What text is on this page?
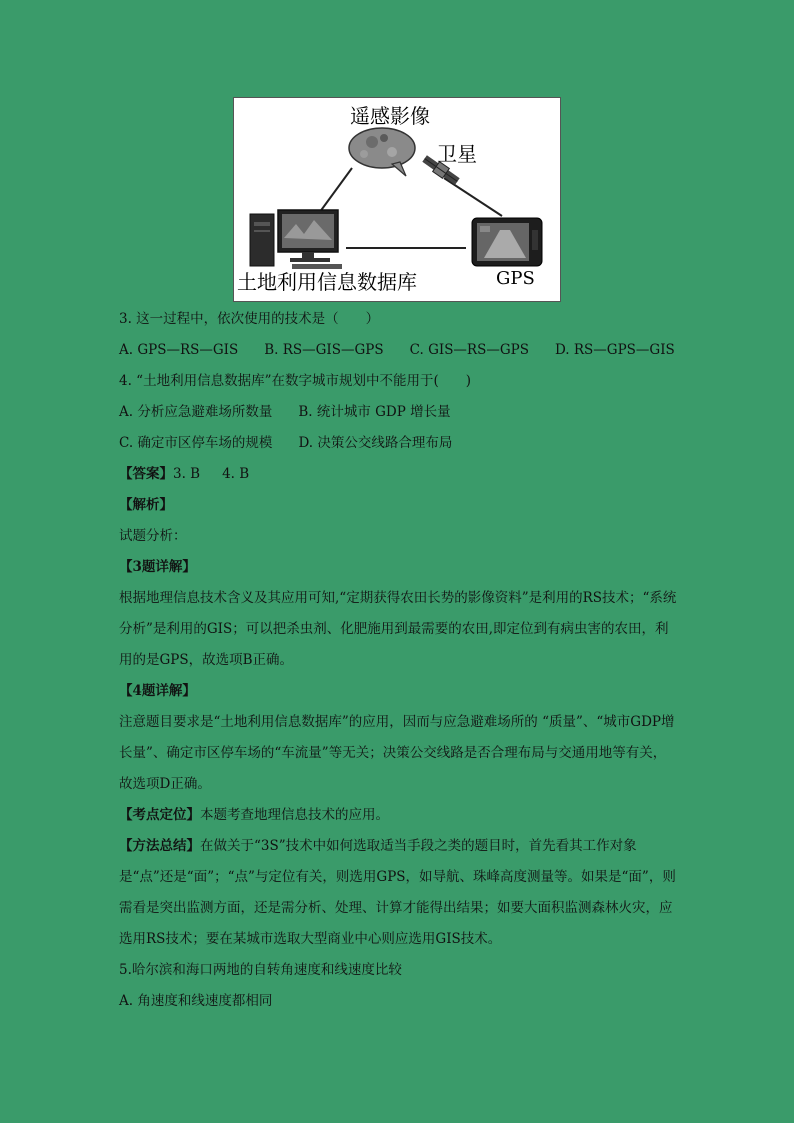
遥感影像
卫星
土地利用信息数据库	GPS
3. 这一过程中，依次使用的技术是（　　）
A. GPS—RS—GIS B. RS—GIS—GPS C. GIS—RS—GPS D. RS—GPS—GIS
4. “土地利用信息数据库”在数字城市规划中不能用于(　　)
A. 分析应急避难场所数量 B. 统计城市 GDP 增长量
C. 确定市区停车场的规模 D. 决策公交线路合理布局
【答案】3. B 4. B
【解析】
试题分析：
【3题详解】
根据地理信息技术含义及其应用可知,“定期获得农田长势的影像资料”是利用的RS技术；“系统分析”是利用的GIS；可以把杀虫剂、化肥施用到最需要的农田,即定位到有病虫害的农田，利用的是GPS，故选项B正确。
【4题详解】
注意题目要求是“土地利用信息数据库”的应用，因而与应急避难场所的 “质量”、“城市GDP增长量”、确定市区停车场的“车流量”等无关；决策公交线路是否合理布局与交通用地等有关，故选项D正确。
【考点定位】本题考查地理信息技术的应用。
【方法总结】在做关于“3S”技术中如何选取适当手段之类的题目时，首先看其工作对象是“点”还是“面”；“点”与定位有关，则选用GPS，如导航、珠峰高度测量等。如果是“面”，则需看是突出监测方面，还是需分析、处理、计算才能得出结果；如要大面积监测森林火灾，应选用RS技术；要在某城市选取大型商业中心则应选用GIS技术。
5.哈尔滨和海口两地的自转角速度和线速度比较
A. 角速度和线速度都相同
